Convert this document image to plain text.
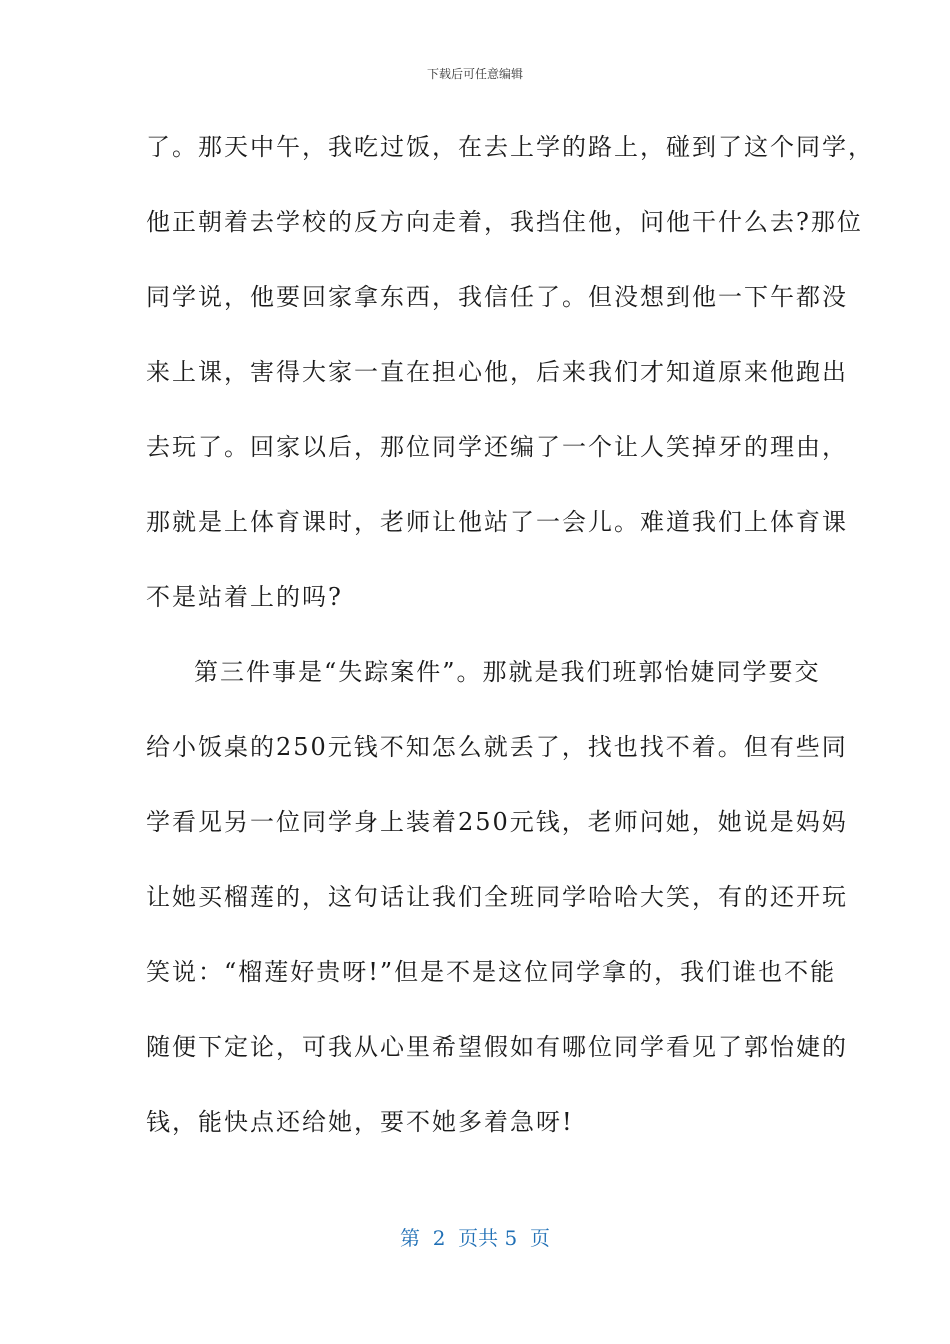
下载后可任意编辑
了。那天中午，我吃过饭，在去上学的路上，碰到了这个同学，
他正朝着去学校的反方向走着，我挡住他，问他干什么去?那位
同学说，他要回家拿东西，我信任了。但没想到他一下午都没
来上课，害得大家一直在担心他，后来我们才知道原来他跑出
去玩了。回家以后，那位同学还编了一个让人笑掉牙的理由，
那就是上体育课时，老师让他站了一会儿。难道我们上体育课
不是站着上的吗?
第三件事是“失踪案件”。那就是我们班郭怡婕同学要交
给小饭桌的250元钱不知怎么就丢了，找也找不着。但有些同
学看见另一位同学身上装着250元钱，老师问她，她说是妈妈
让她买榴莲的，这句话让我们全班同学哈哈大笑，有的还开玩
笑说：“榴莲好贵呀!”但是不是这位同学拿的，我们谁也不能
随便下定论，可我从心里希望假如有哪位同学看见了郭怡婕的
钱，能快点还给她，要不她多着急呀!
第  2  页共 5  页
